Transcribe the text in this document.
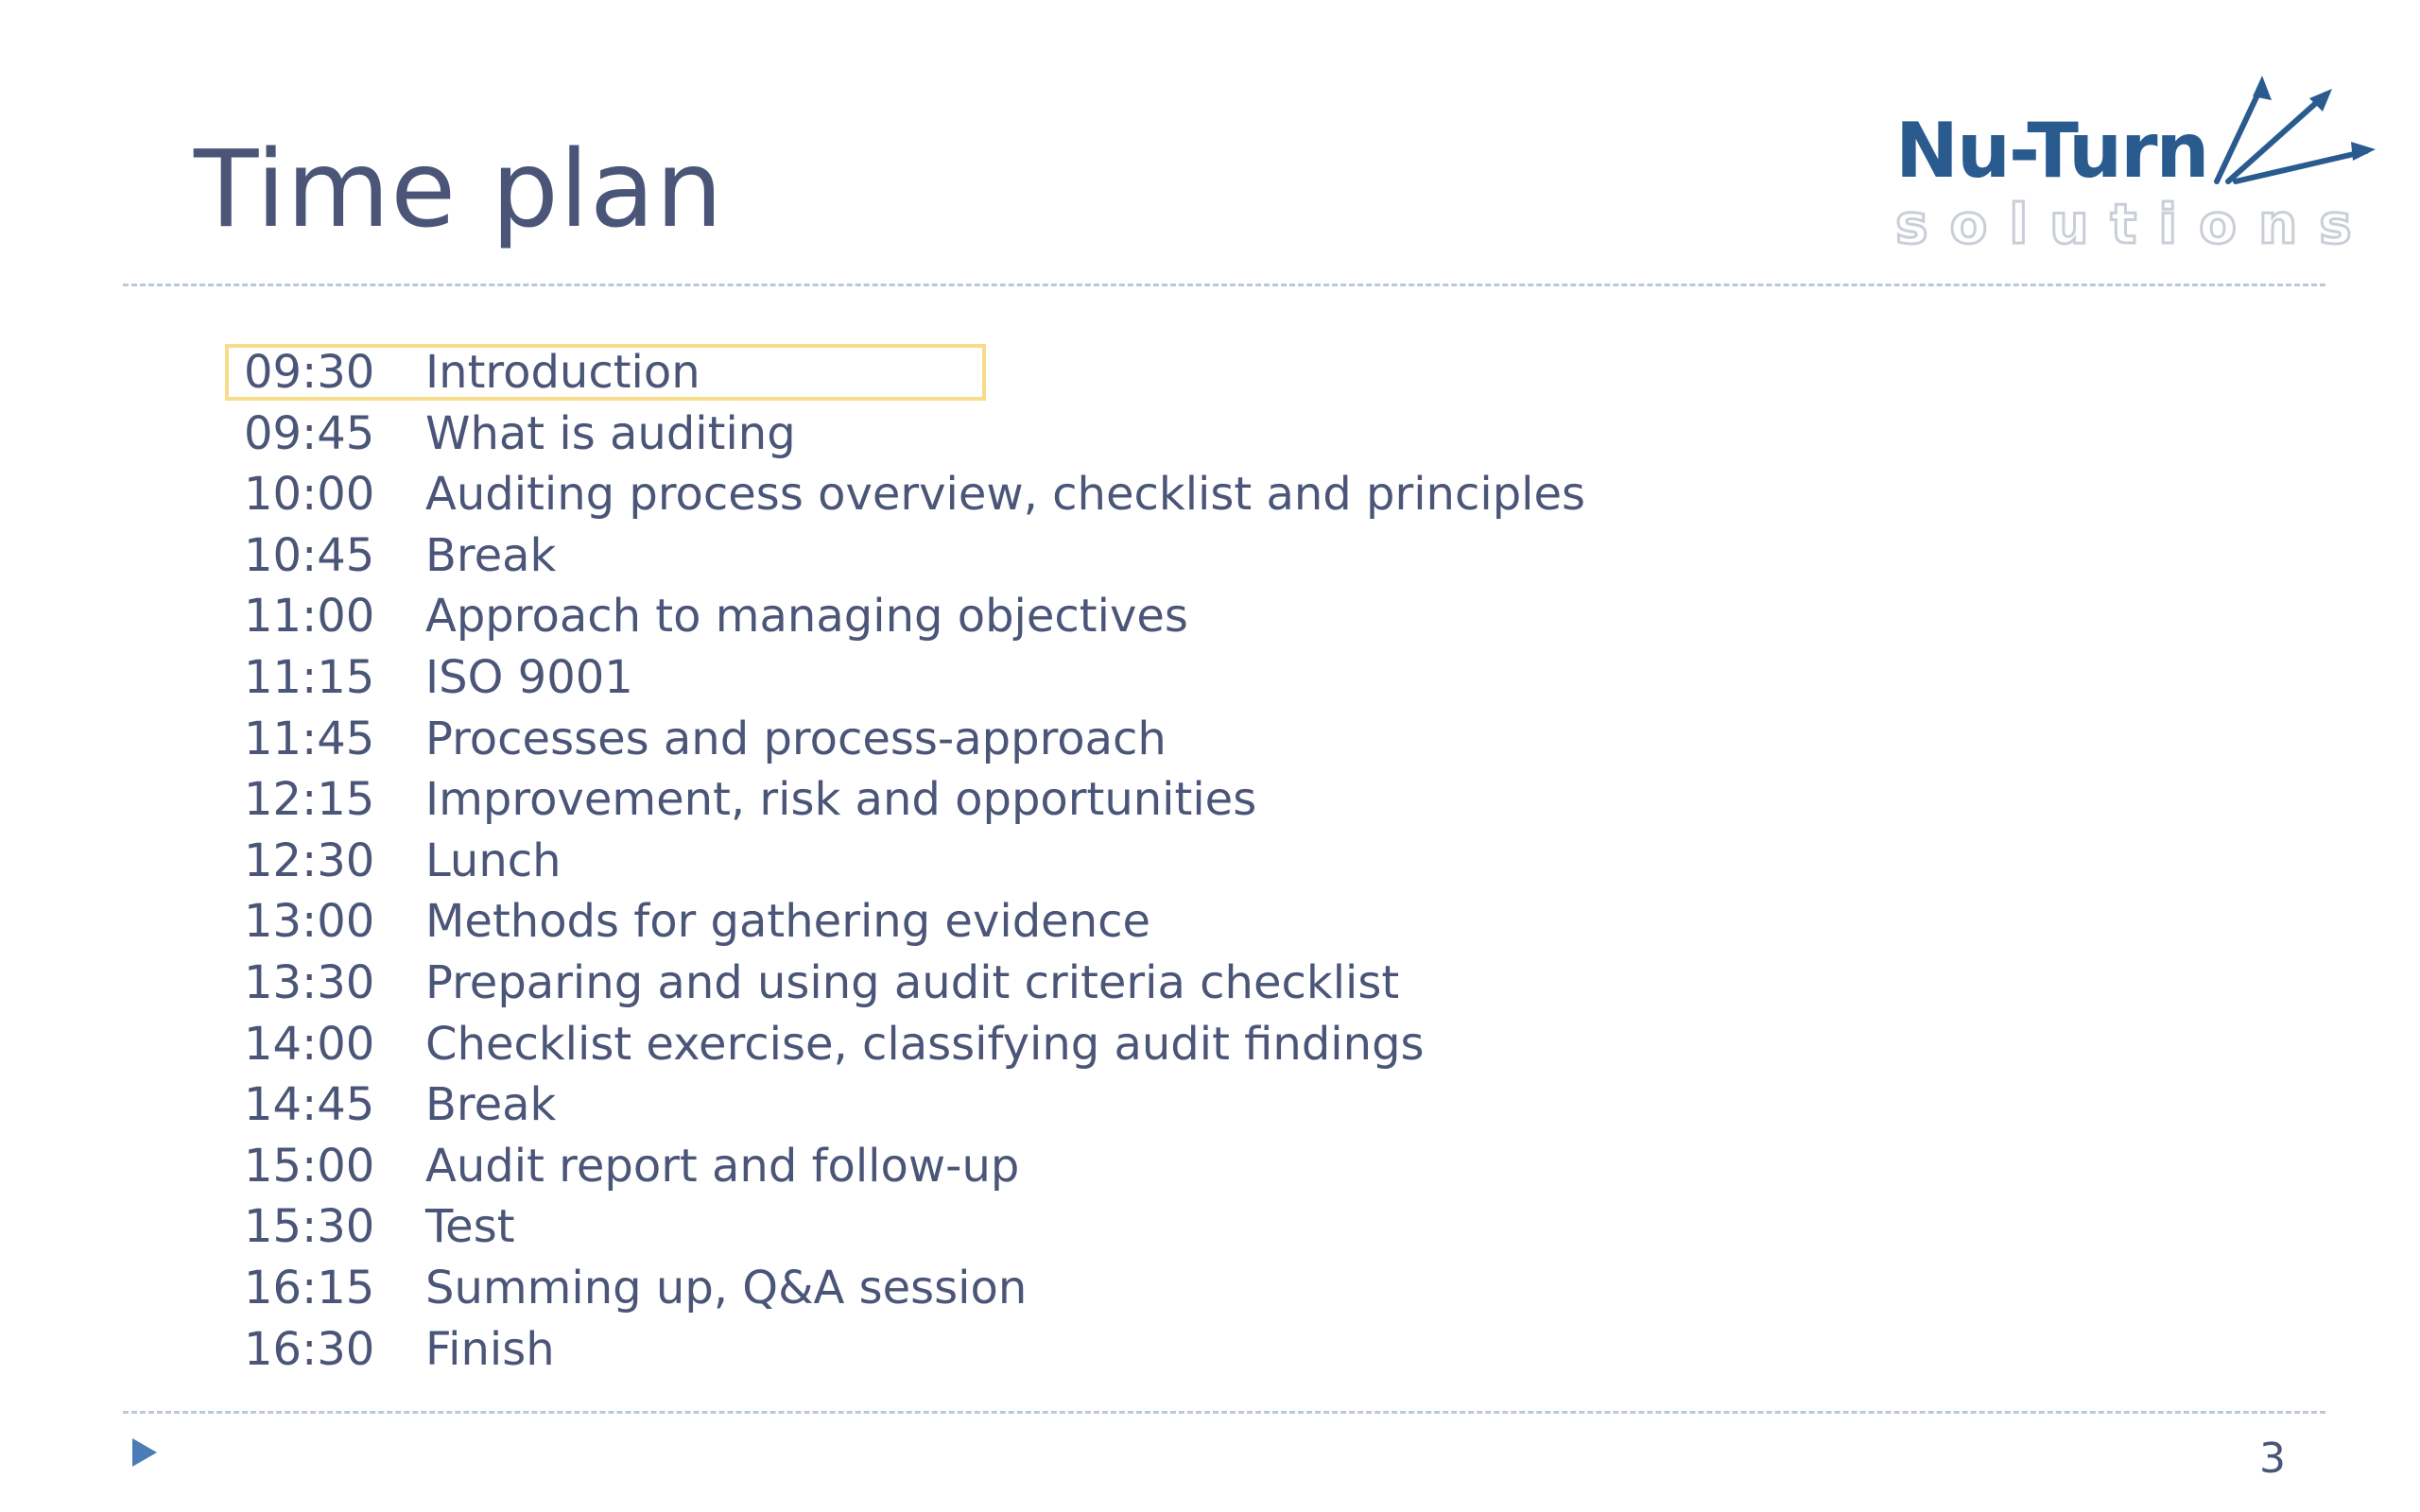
Time plan	Nu-Turn
solutions
09:30 Introduction
09:45 What is auditing
10:00 Auditing process overview, checklist and principles
10:45 Break
11:00 Approach to managing objectives
11:15 ISO 9001
11:45 Processes and process-approach
12:15 Improvement, risk and opportunities
12:30 Lunch
13:00 Methods for gathering evidence
13:30 Preparing and using audit criteria checklist
14:00 Checklist exercise, classifying audit findings
14:45 Break
15:00 Audit report and follow-up
15:30 Test
16:15 Summing up, Q&A session
16:30 Finish
3
